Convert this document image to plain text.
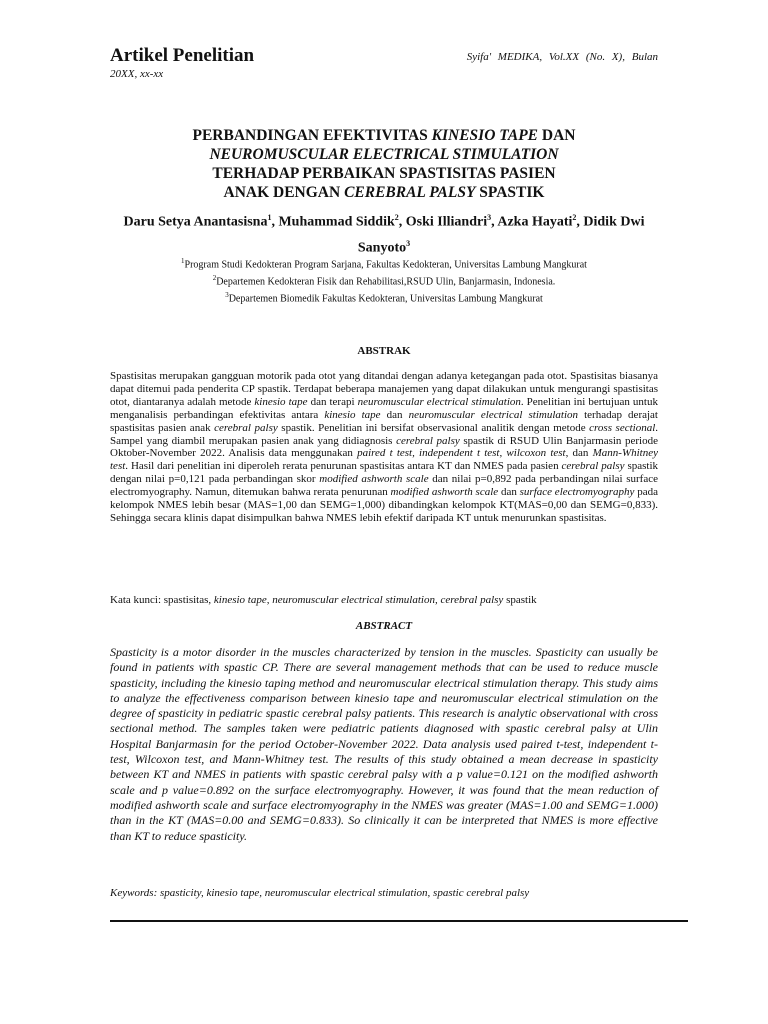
Artikel Penelitian
20XX, xx-xx
Syifa' MEDIKA, Vol.XX (No. X), Bulan
PERBANDINGAN EFEKTIVITAS KINESIO TAPE DAN
NEUROMUSCULAR ELECTRICAL STIMULATION
TERHADAP PERBAIKAN SPASTISITAS PASIEN
ANAK DENGAN CEREBRAL PALSY SPASTIK
Daru Setya Anantasisna$^1$, Muhammad Siddik$^2$, Oski Illiandri$^3$, Azka Hayati$^2$, Didik Dwi Sanyoto$^3$
$^1$Program Studi Kedokteran Program Sarjana, Fakultas Kedokteran, Universitas Lambung Mangkurat
$^2$Departemen Kedokteran Fisik dan Rehabilitasi,RSUD Ulin, Banjarmasin, Indonesia.
$^3$Departemen Biomedik Fakultas Kedokteran, Universitas Lambung Mangkurat
ABSTRAK
Spastisitas merupakan gangguan motorik pada otot yang ditandai dengan adanya ketegangan pada otot. Spastisitas biasanya dapat ditemui pada penderita CP spastik. Terdapat beberapa manajemen yang dapat dilakukan untuk mengurangi spastisitas otot, diantaranya adalah metode kinesio tape dan terapi neuromuscular electrical stimulation. Penelitian ini bertujuan untuk menganalisis perbandingan efektivitas antara kinesio tape dan neuromuscular electrical stimulation terhadap derajat spastisitas pasien anak cerebral palsy spastik. Penelitian ini bersifat observasional analitik dengan metode cross sectional. Sampel yang diambil merupakan pasien anak yang didiagnosis cerebral palsy spastik di RSUD Ulin Banjarmasin periode Oktober-November 2022. Analisis data menggunakan paired t test, independent t test, wilcoxon test, dan Mann-Whitney test. Hasil dari penelitian ini diperoleh rerata penurunan spastisitas antara KT dan NMES pada pasien cerebral palsy spastik dengan nilai p=0,121 pada perbandingan skor modified ashworth scale dan nilai p=0,892 pada perbandingan nilai surface electromyography. Namun, ditemukan bahwa rerata penurunan modified ashworth scale dan surface electromyography pada kelompok NMES lebih besar (MAS=1,00 dan SEMG=1,000) dibandingkan kelompok KT(MAS=0,00 dan SEMG=0,833). Sehingga secara klinis dapat disimpulkan bahwa NMES lebih efektif daripada KT untuk menurunkan spastisitas.
Kata kunci: spastisitas, kinesio tape, neuromuscular electrical stimulation, cerebral palsy spastik
ABSTRACT
Spasticity is a motor disorder in the muscles characterized by tension in the muscles. Spasticity can usually be found in patients with spastic CP. There are several management methods that can be used to reduce muscle spasticity, including the kinesio taping method and neuromuscular electrical stimulation therapy. This study aims to analyze the effectiveness comparison between kinesio tape and neuromuscular electrical stimulation on the degree of spasticity in pediatric spastic cerebral palsy patients. This research is analytic observational with cross sectional method. The samples taken were pediatric patients diagnosed with spastic cerebral palsy at Ulin Hospital Banjarmasin for the period October-November 2022. Data analysis used paired t-test, independent t-test, Wilcoxon test, and Mann-Whitney test. The results of this study obtained a mean decrease in spasticity between KT and NMES in patients with spastic cerebral palsy with a p value=0.121 on the modified ashworth scale and p value=0.892 on the surface electromyography. However, it was found that the mean reduction of modified ashworth scale and surface electromyography in the NMES was greater (MAS=1.00 and SEMG=1.000) than in the KT (MAS=0.00 and SEMG=0.833). So clinically it can be interpreted that NMES is more effective than KT to reduce spasticity.
Keywords: spasticity, kinesio tape, neuromuscular electrical stimulation, spastic cerebral palsy
